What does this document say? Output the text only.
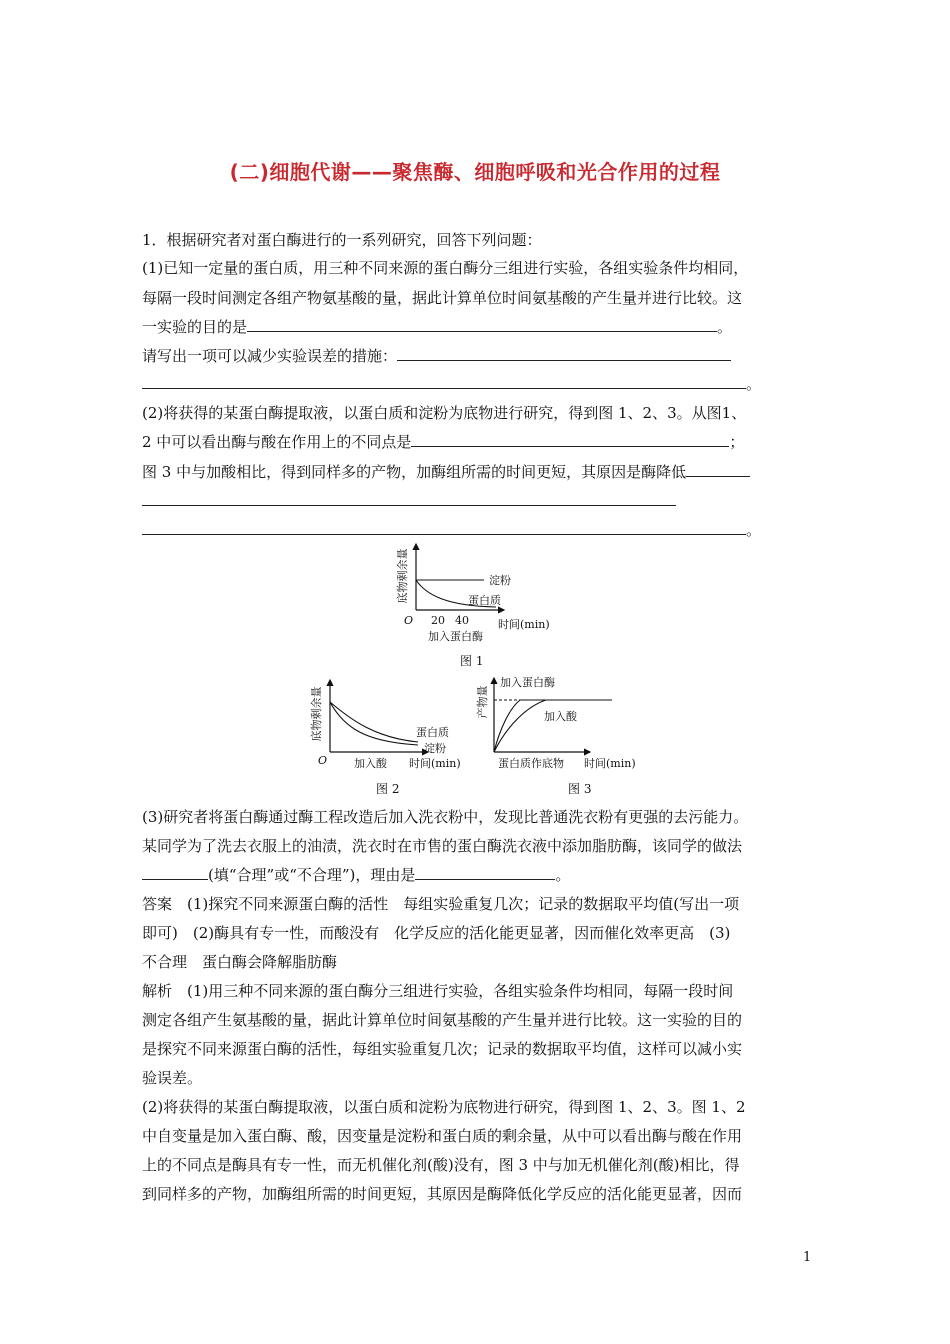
(二)细胞代谢——聚焦酶、细胞呼吸和光合作用的过程
1．根据研究者对蛋白酶进行的一系列研究，回答下列问题：
(1)已知一定量的蛋白质，用三种不同来源的蛋白酶分三组进行实验，各组实验条件均相同，
每隔一段时间测定各组产物氨基酸的量，据此计算单位时间氨基酸的产生量并进行比较。这
一实验的目的是	。
请写出一项可以减少实验误差的措施：
。
(2)将获得的某蛋白酶提取液，以蛋白质和淀粉为底物进行研究，得到图 1、2、3。从图1、
2 中可以看出酶与酸在作用上的不同点是	；
图 3 中与加酸相比，得到同样多的产物，加酶组所需的时间更短，其原因是酶降低
。
底物剩余量
O
淀粉
蛋白质
20 40	时间(min)
加入蛋白酶
图 1
底物剩余量
O
蛋白质
淀粉
加入酸 时间(min)
图 2
产物量
加入蛋白酶
加入酸
蛋白质作底物 时间(min)
图 3
(3)研究者将蛋白酶通过酶工程改造后加入洗衣粉中，发现比普通洗衣粉有更强的去污能力。
某同学为了洗去衣服上的油渍，洗衣时在市售的蛋白酶洗衣液中添加脂肪酶，该同学的做法
(填“合理”或“不合理”)，理由是	。
答案　(1)探究不同来源蛋白酶的活性　每组实验重复几次；记录的数据取平均值(写出一项
即可)　(2)酶具有专一性，而酸没有　化学反应的活化能更显著，因而催化效率更高　(3)
不合理　蛋白酶会降解脂肪酶
解析　(1)用三种不同来源的蛋白酶分三组进行实验，各组实验条件均相同，每隔一段时间
测定各组产生氨基酸的量，据此计算单位时间氨基酸的产生量并进行比较。这一实验的目的
是探究不同来源蛋白酶的活性，每组实验重复几次；记录的数据取平均值，这样可以减小实
验误差。
(2)将获得的某蛋白酶提取液，以蛋白质和淀粉为底物进行研究，得到图 1、2、3。图 1、2
中自变量是加入蛋白酶、酸，因变量是淀粉和蛋白质的剩余量，从中可以看出酶与酸在作用
上的不同点是酶具有专一性，而无机催化剂(酸)没有，图 3 中与加无机催化剂(酸)相比，得
到同样多的产物，加酶组所需的时间更短，其原因是酶降低化学反应的活化能更显著，因而
1
